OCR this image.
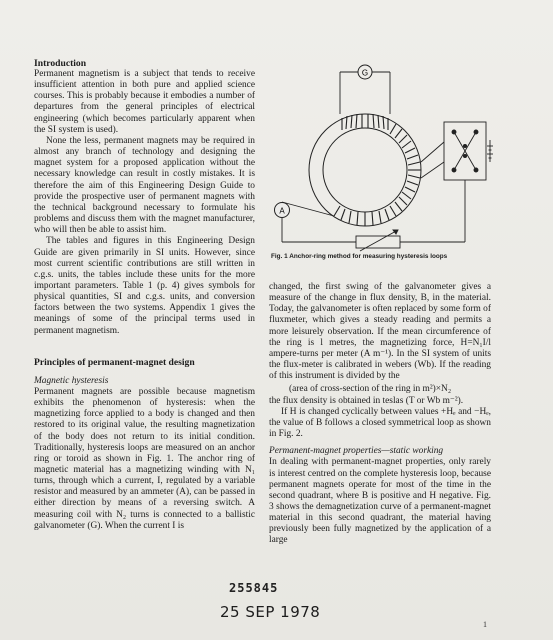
Introduction

Permanent magnetism is a subject that tends to receive insufficient attention in both pure and applied science courses. This is probably because it embodies a number of departures from the general principles of electrical engineering (which becomes particularly apparent when the SI system is used).

None the less, permanent magnets may be required in almost any branch of technology and designing the magnet system for a proposed application without the necessary knowledge can result in costly mistakes. It is therefore the aim of this Engineering Design Guide to provide the prospective user of permanent magnets with the technical background necessary to formulate his problems and discuss them with the magnet manufacturer, who will then be able to assist him.

The tables and figures in this Engineering Design Guide are given primarily in SI units. However, since most current scientific contributions are still written in c.g.s. units, the tables include these units for the more important parameters. Table 1 (p. 4) gives symbols for physical quantities, SI and c.g.s. units, and conversion factors between the two systems. Appendix 1 gives the meanings of some of the principal terms used in permanent magnetism.

Principles of permanent-magnet design

Magnetic hysteresis

Permanent magnets are possible because magnetism exhibits the phenomenon of hysteresis: when the magnetizing force applied to a body is changed and then restored to its original value, the resulting magnetization of the body does not return to its initial condition. Traditionally, hysteresis loops are measured on an anchor ring or toroid as shown in Fig. 1. The anchor ring of magnetic material has a magnetizing winding with N₁ turns, through which a current, I, regulated by a variable resistor and measured by an ammeter (A), can be passed in either direction by means of a reversing switch. A measuring coil with N₂ turns is connected to a ballistic galvanometer (G). When the current I is

G
A
Fig. 1 Anchor-ring method for measuring hysteresis loops

changed, the first swing of the galvanometer gives a measure of the change in flux density, B, in the material. Today, the galvanometer is often replaced by some form of fluxmeter, which gives a steady reading and permits a more leisurely observation. If the mean circumference of the ring is l metres, the magnetizing force, H=N₁I/l ampere-turns per meter (A m⁻¹). In the SI system of units the flux-meter is calibrated in webers (Wb). If the reading of this instrument is divided by the

(area of cross-section of the ring in m²)×N₂

the flux density is obtained in teslas (T or Wb m⁻²).

If H is changed cyclically between values +Hₑ and −Hₑ, the value of B follows a closed symmetrical loop as shown in Fig. 2.

Permanent-magnet properties—static working

In dealing with permanent-magnet properties, only rarely is interest centred on the complete hysteresis loop, because permanent magnets operate for most of the time in the second quadrant, where B is positive and H negative. Fig. 3 shows the demagnetization curve of a permanent-magnet material in this second quadrant, the material having previously been fully magnetized by the application of a large

255845
25 SEP 1978
1
